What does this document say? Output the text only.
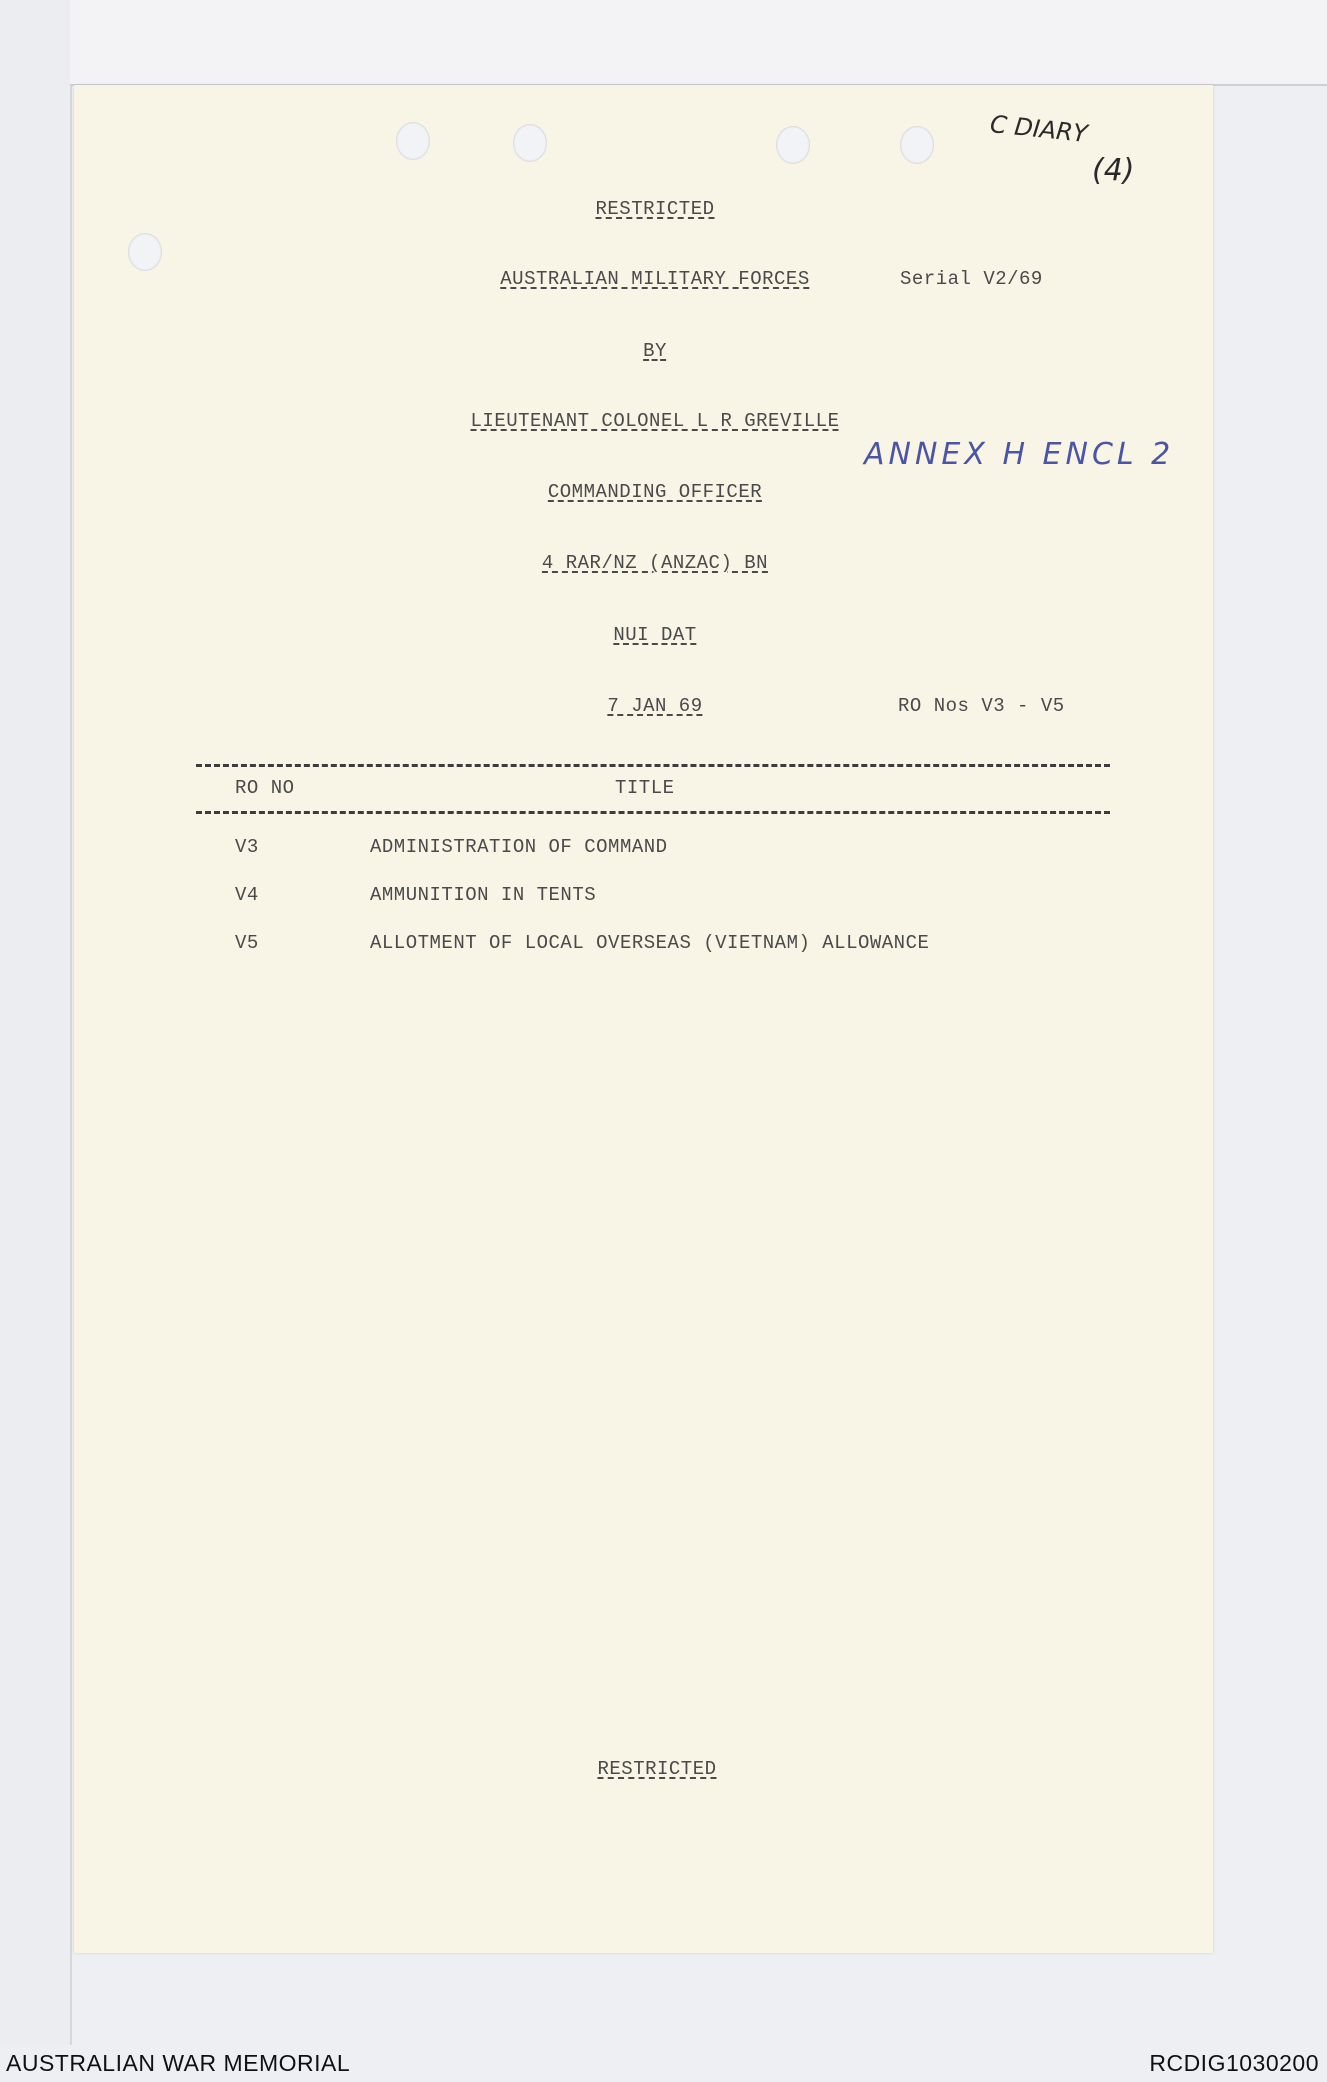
C DIARY
(4)
ANNEX H ENCL 2
RESTRICTED
AUSTRALIAN MILITARY FORCES	Serial V2/69
BY
LIEUTENANT COLONEL L R GREVILLE
COMMANDING OFFICER
4 RAR/NZ (ANZAC) BN
NUI DAT
7 JAN 69	RO Nos V3 - V5
RO NO	TITLE
V3	ADMINISTRATION OF COMMAND
V4	AMMUNITION IN TENTS
V5	ALLOTMENT OF LOCAL OVERSEAS (VIETNAM) ALLOWANCE
RESTRICTED
AUSTRALIAN WAR MEMORIAL	RCDIG1030200
